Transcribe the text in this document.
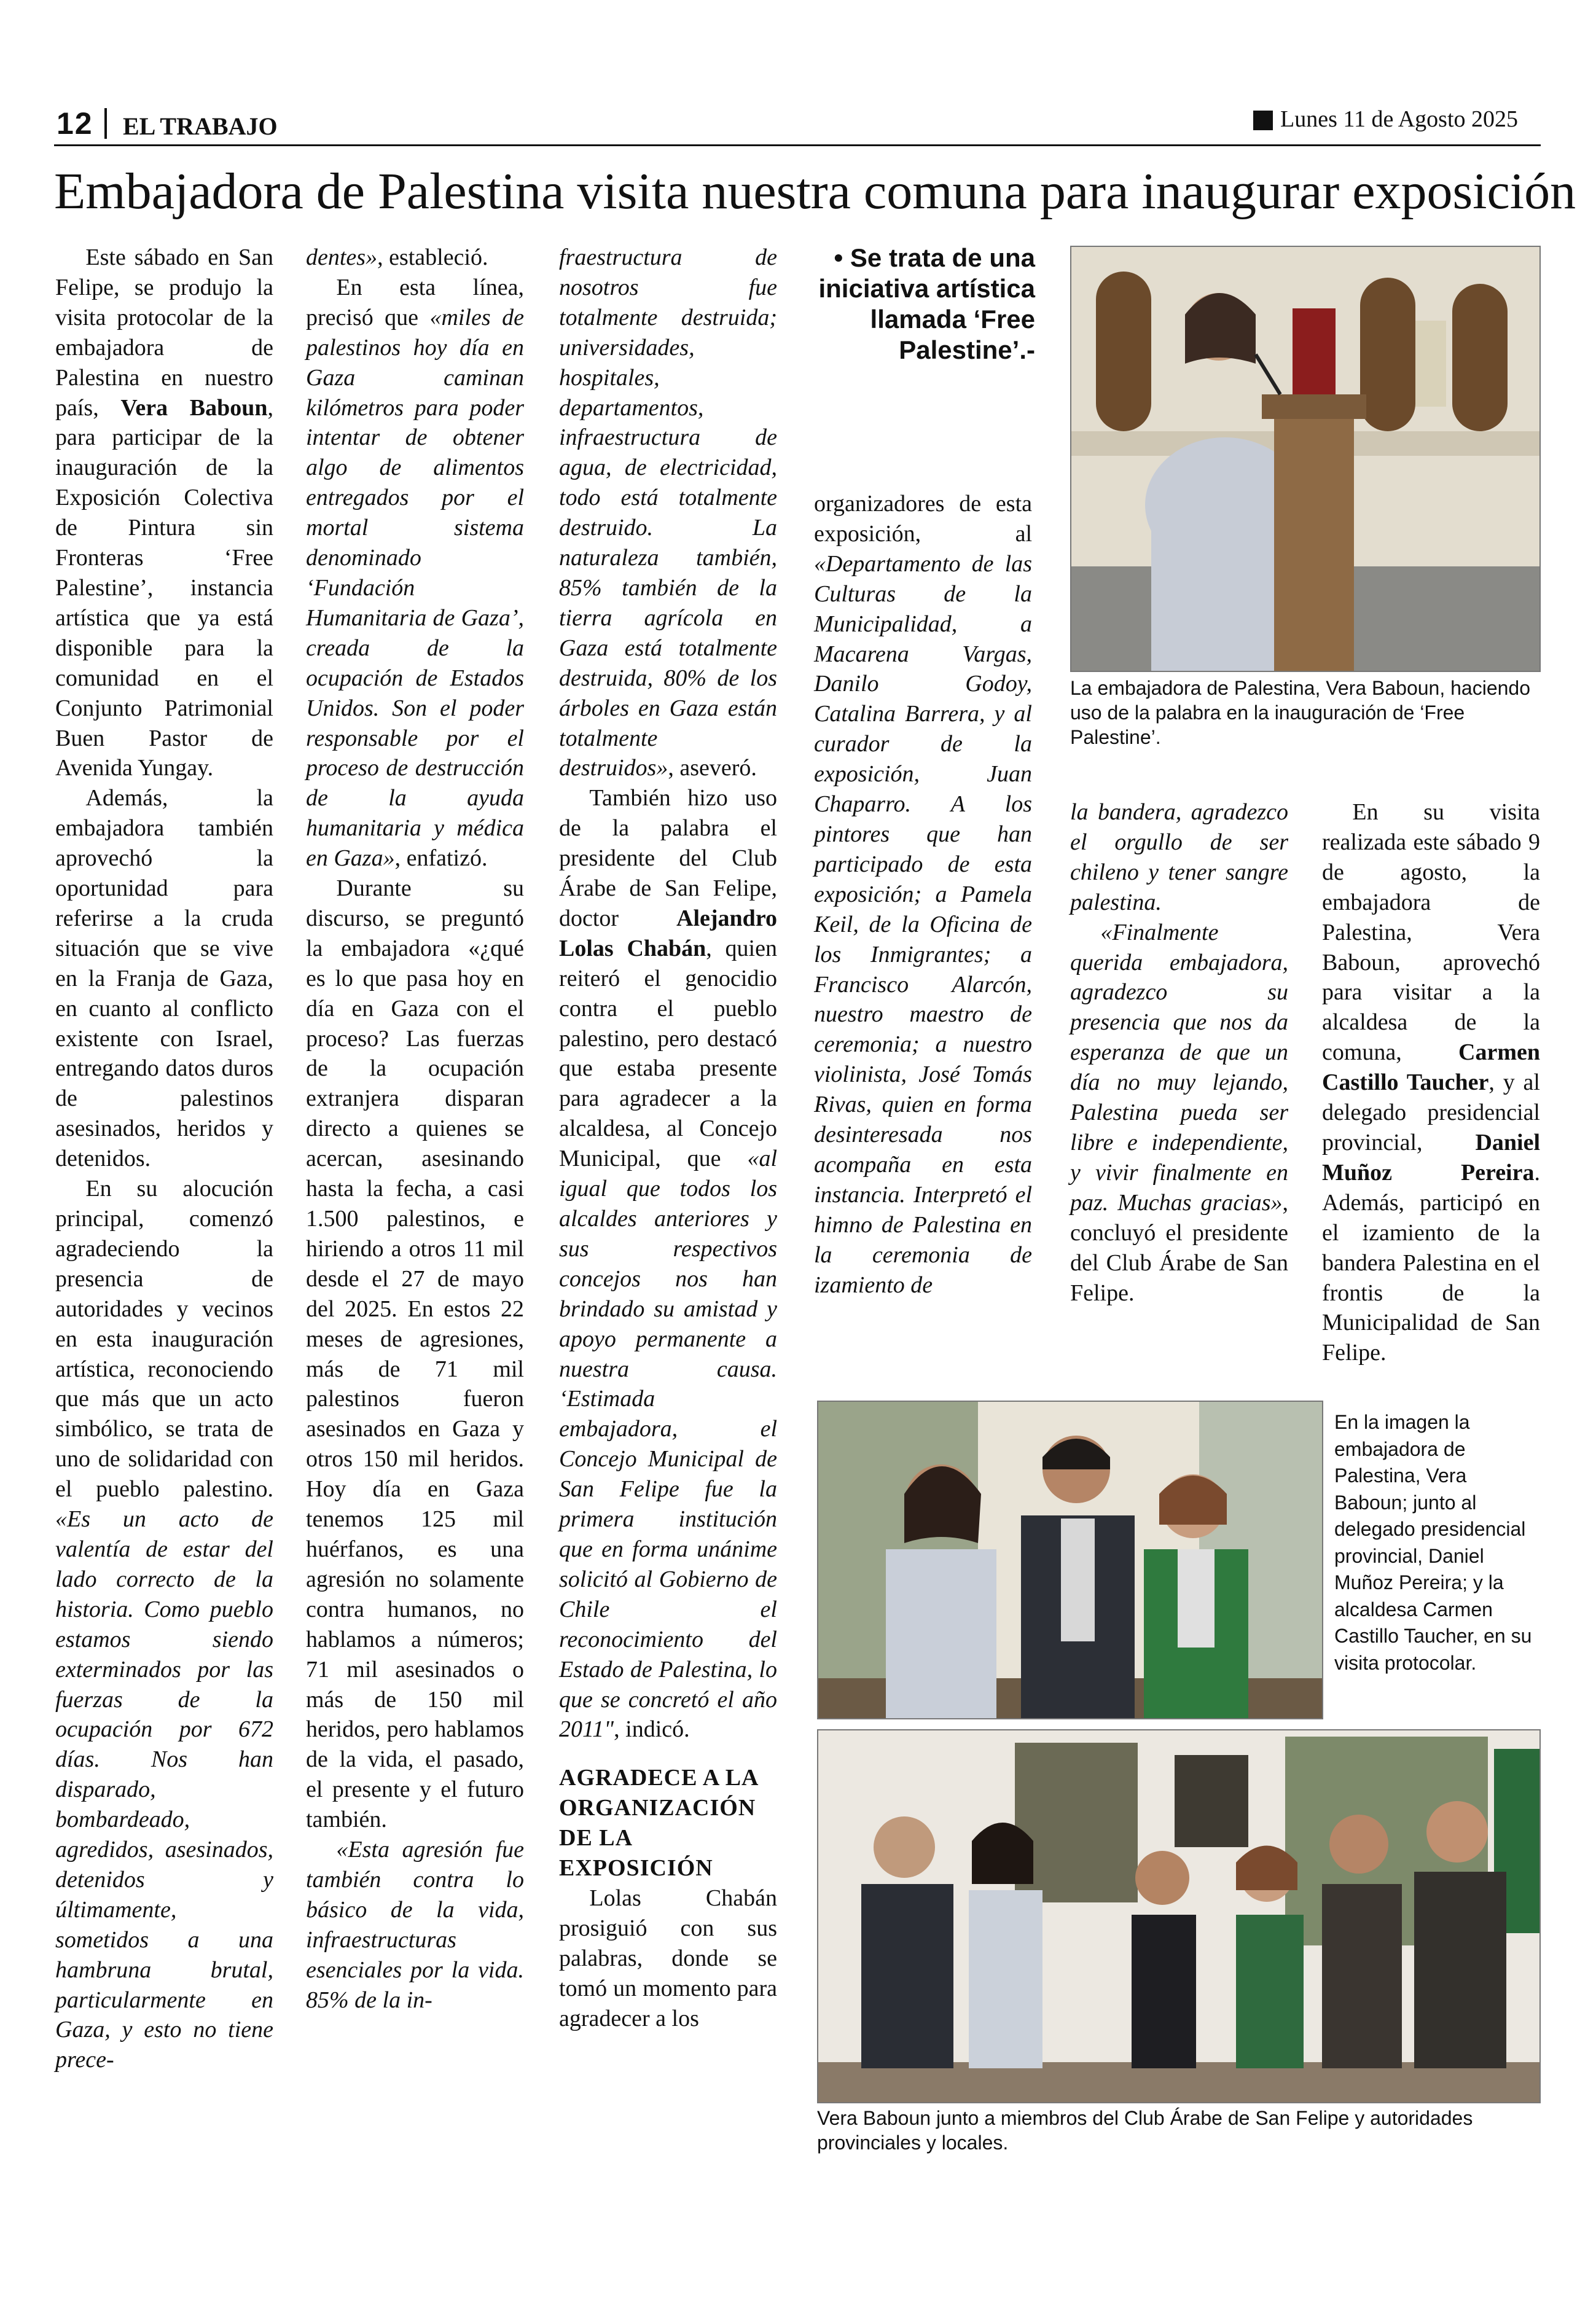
12 EL TRABAJO	Lunes 11 de Agosto 2025
Embajadora de Palestina visita nuestra comuna para inaugurar exposición

Este sábado en San Felipe, se produjo la visita protocolar de la embajadora de Palestina en nuestro país, Vera Baboun, para participar de la inauguración de la Exposición Colectiva de Pintura sin Fronteras ‘Free Palestine’, instancia artística que ya está disponible para la comunidad en el Conjunto Patrimonial Buen Pastor de Avenida Yungay.

Además, la embajadora también aprovechó la oportunidad para referirse a la cruda situación que se vive en la Franja de Gaza, en cuanto al conflicto existente con Israel, entregando datos duros de palestinos asesinados, heridos y detenidos.

En su alocución principal, comenzó agradeciendo la presencia de autoridades y vecinos en esta inauguración artística, reconociendo que más que un acto simbólico, se trata de uno de solidaridad con el pueblo palestino. «Es un acto de valentía de estar del lado correcto de la historia. Como pueblo estamos siendo exterminados por las fuerzas de la ocupación por 672 días. Nos han disparado, bombardeado, agredidos, asesinados, detenidos y últimamente, sometidos a una hambruna brutal, particularmente en Gaza, y esto no tiene prece-

dentes», estableció.

En esta línea, precisó que «miles de palestinos hoy día en Gaza caminan kilómetros para poder intentar de obtener algo de alimentos entregados por el mortal sistema denominado ‘Fundación Humanitaria de Gaza’, creada de la ocupación de Estados Unidos. Son el poder responsable por el proceso de destrucción de la ayuda humanitaria y médica en Gaza», enfatizó.

Durante su discurso, se preguntó la embajadora «¿qué es lo que pasa hoy en día en Gaza con el proceso? Las fuerzas de la ocupación extranjera disparan directo a quienes se acercan, asesinando hasta la fecha, a casi 1.500 palestinos, e hiriendo a otros 11 mil desde el 27 de mayo del 2025. En estos 22 meses de agresiones, más de 71 mil palestinos fueron asesinados en Gaza y otros 150 mil heridos. Hoy día en Gaza tenemos 125 mil huérfanos, es una agresión no solamente contra humanos, no hablamos a números; 71 mil asesinados o más de 150 mil heridos, pero hablamos de la vida, el pasado, el presente y el futuro también.

«Esta agresión fue también contra lo básico de la vida, infraestructuras esenciales por la vida. 85% de la in-

fraestructura de nosotros fue totalmente destruida; universidades, hospitales, departamentos, infraestructura de agua, de electricidad, todo está totalmente destruido. La naturaleza también, 85% también de la tierra agrícola en Gaza está totalmente destruida, 80% de los árboles en Gaza están totalmente destruidos», aseveró.

También hizo uso de la palabra el presidente del Club Árabe de San Felipe, doctor Alejandro Lolas Chabán, quien reiteró el genocidio contra el pueblo palestino, pero destacó que estaba presente para agradecer a la alcaldesa, al Concejo Municipal, que «al igual que todos los alcaldes anteriores y sus respectivos concejos nos han brindado su amistad y apoyo permanente a nuestra causa. ‘Estimada embajadora, el Concejo Municipal de San Felipe fue la primera institución que en forma unánime solicitó al Gobierno de Chile el reconocimiento del Estado de Palestina, lo que se concretó el año 2011", indicó.

AGRADECE A LA ORGANIZACIÓN DE LA EXPOSICIÓN

Lolas Chabán prosiguió con sus palabras, donde se tomó un momento para agradecer a los

• Se trata de una iniciativa artística llamada ‘Free Palestine’.-

organizadores de esta exposición, al «Departamento de las Culturas de la Municipalidad, a Macarena Vargas, Danilo Godoy, Catalina Barrera, y al curador de la exposición, Juan Chaparro. A los pintores que han participado de esta exposición; a Pamela Keil, de la Oficina de los Inmigrantes; a Francisco Alarcón, nuestro maestro de ceremonia; a nuestro violinista, José Tomás Rivas, quien en forma desinteresada nos acompaña en esta instancia. Interpretó el himno de Palestina en la ceremonia de izamiento de

la bandera, agradezco el orgullo de ser chileno y tener sangre palestina.

«Finalmente querida embajadora, agradezco su presencia que nos da esperanza de que un día no muy lejando, Palestina pueda ser libre e independiente, y vivir finalmente en paz. Muchas gracias», concluyó el presidente del Club Árabe de San Felipe.

En su visita realizada este sábado 9 de agosto, la embajadora de Palestina, Vera Baboun, aprovechó para visitar a la alcaldesa de la comuna, Carmen Castillo Taucher, y al delegado presidencial provincial, Daniel Muñoz Pereira. Además, participó en el izamiento de la bandera Palestina en el frontis de la Municipalidad de San Felipe.

La embajadora de Palestina, Vera Baboun, haciendo uso de la palabra en la inauguración de ‘Free Palestine’.
En la imagen la embajadora de Palestina, Vera Baboun; junto al delegado presidencial provincial, Daniel Muñoz Pereira; y la alcaldesa Carmen Castillo Taucher, en su visita protocolar.
Vera Baboun junto a miembros del Club Árabe de San Felipe y autoridades provinciales y locales.
